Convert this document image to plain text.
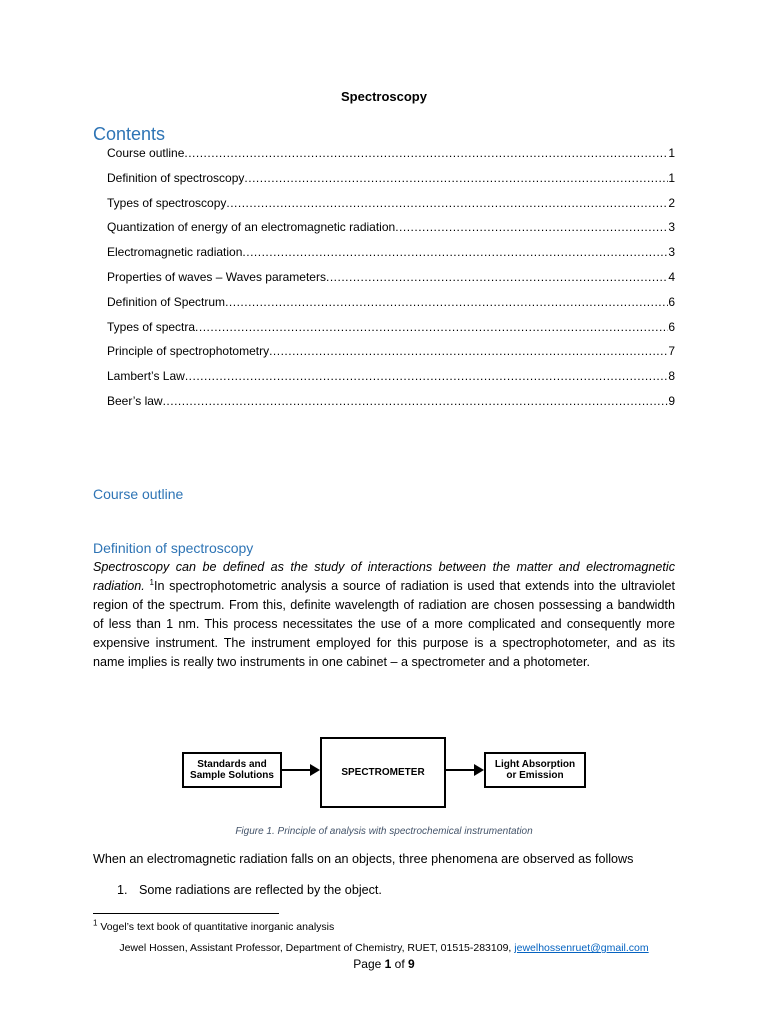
Spectroscopy
Contents
Course outline .....	1
Definition of spectroscopy .....	1
Types of spectroscopy .....	2
Quantization of energy of an electromagnetic radiation .....	3
Electromagnetic radiation .....	3
Properties of waves – Waves parameters .....	4
Definition of Spectrum .....	6
Types of spectra .....	6
Principle of spectrophotometry .....	7
Lambert’s Law .....	8
Beer’s law .....	9
Course outline
Definition of spectroscopy
Spectroscopy can be defined as the study of interactions between the matter and electromagnetic radiation. $^1$In spectrophotometric analysis a source of radiation is used that extends into the ultraviolet region of the spectrum. From this, definite wavelength of radiation are chosen possessing a bandwidth of less than 1 nm. This process necessitates the use of a more complicated and consequently more expensive instrument. The instrument employed for this purpose is a spectrophotometer, and as its name implies is really two instruments in one cabinet – a spectrometer and a photometer.
Standards and
Sample Solutions	SPECTROMETER
Light Absorption
or Emission
Figure 1. Principle of analysis with spectrochemical instrumentation
When an electromagnetic radiation falls on an objects, three phenomena are observed as follows
1. Some radiations are reflected by the object.
$^1$ Vogel’s text book of quantitative inorganic analysis
Jewel Hossen, Assistant Professor, Department of Chemistry, RUET, 01515-283109, jewelhossenruet@gmail.com
Page 1 of 9
